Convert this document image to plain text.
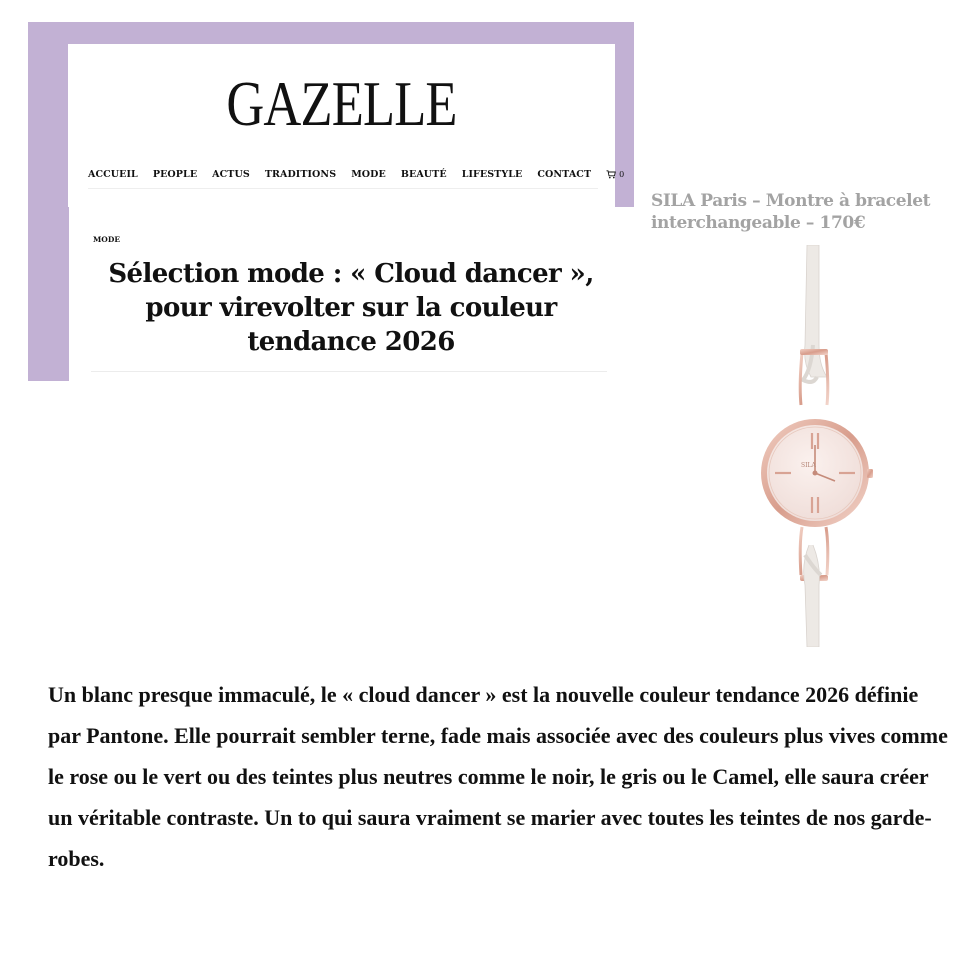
GAZELLE
ACCUEIL PEOPLE ACTUS TRADITIONS MODE BEAUTÉ LIFESTYLE CONTACT	0
MODE
Sélection mode : « Cloud dancer », pour virevolter sur la couleur tendance 2026
SILA Paris – Montre à bracelet interchangeable – 170€
SILA

Un blanc presque immaculé, le « cloud dancer » est la nouvelle couleur tendance 2026 définie par Pantone. Elle pourrait sembler terne, fade mais associée avec des couleurs plus vives comme le rose ou le vert ou des teintes plus neutres comme le noir, le gris ou le Camel, elle saura créer un véritable contraste. Un to qui saura vraiment se marier avec toutes les teintes de nos garde- robes.
